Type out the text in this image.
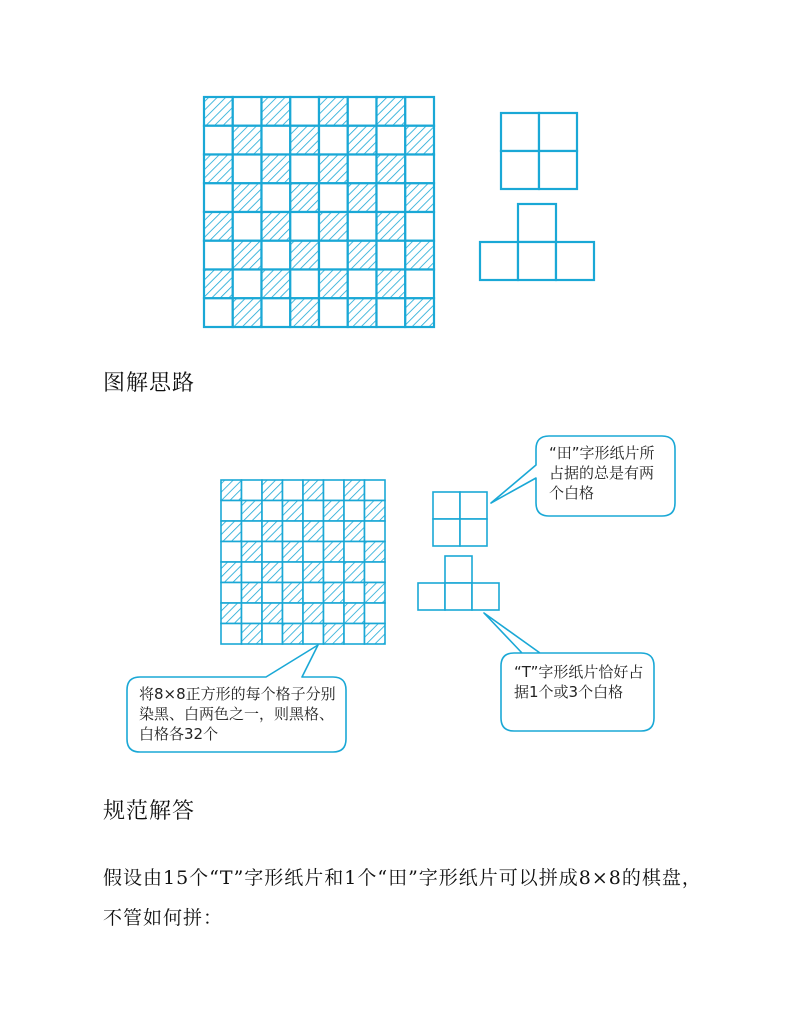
图解思路

“田”字形纸片所占据的总是有两个白格

“T”字形纸片恰好占据1个或3个白格

将8×8正方形的每个格子分别染黑、白两色之一，则黑格、白格各32个

规范解答

假设由15个“T”字形纸片和1个“田”字形纸片可以拼成8×8的棋盘，不管如何拼：
